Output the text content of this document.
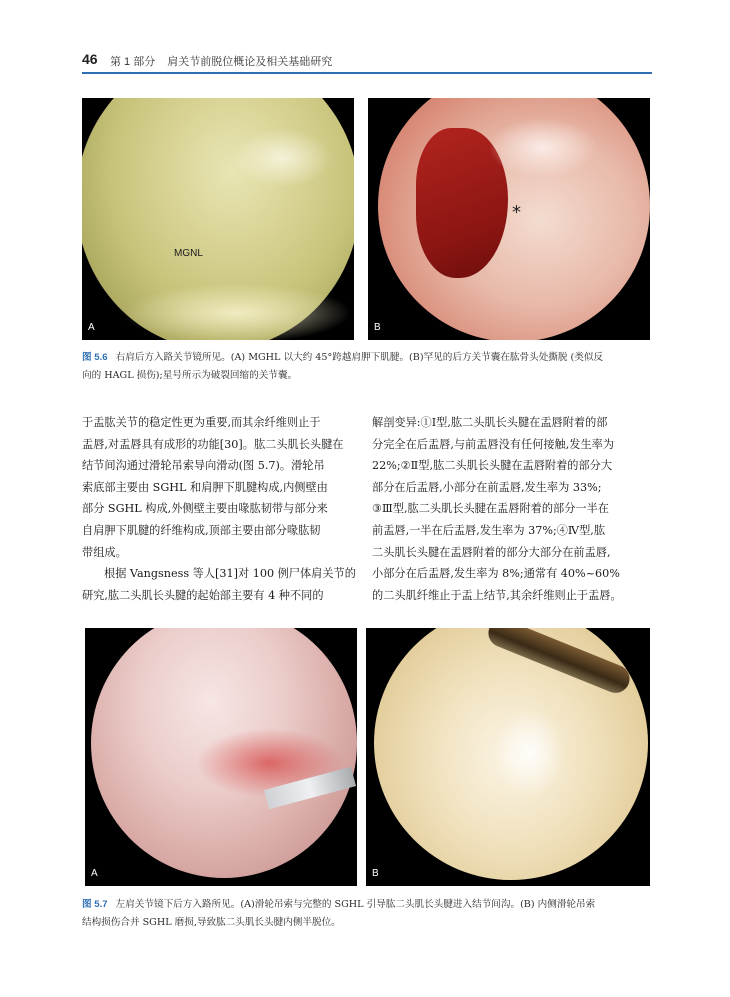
46 第 1 部分 肩关节前脱位概论及相关基础研究
MGNL
A
*
B
图 5.6 右肩后方入路关节镜所见。(A) MGHL 以大约 45°跨越肩胛下肌腱。(B)罕见的后方关节囊在肱骨头处撕脱 (类似反
向的 HAGL 损伤);星号所示为破裂回缩的关节囊。
于盂肱关节的稳定性更为重要,而其余纤维则止于
盂唇,对盂唇具有成形的功能[30]。肱二头肌长头腱在
结节间沟通过滑轮吊索导向滑动(图 5.7)。滑轮吊
索底部主要由 SGHL 和肩胛下肌腱构成,内侧壁由
部分 SGHL 构成,外侧壁主要由喙肱韧带与部分来
自肩胛下肌腱的纤维构成,顶部主要由部分喙肱韧
带组成。
根据 Vangsness 等人[31]对 100 例尸体肩关节的
研究,肱二头肌长头腱的起始部主要有 4 种不同的
解剖变异:①Ⅰ型,肱二头肌长头腱在盂唇附着的部
分完全在后盂唇,与前盂唇没有任何接触,发生率为
22%;②Ⅱ型,肱二头肌长头腱在盂唇附着的部分大
部分在后盂唇,小部分在前盂唇,发生率为 33%;
③Ⅲ型,肱二头肌长头腱在盂唇附着的部分一半在
前盂唇,一半在后盂唇,发生率为 37%;④Ⅳ型,肱
二头肌长头腱在盂唇附着的部分大部分在前盂唇,
小部分在后盂唇,发生率为 8%;通常有 40%~60%
的二头肌纤维止于盂上结节,其余纤维则止于盂唇。
A	B
图 5.7 左肩关节镜下后方入路所见。(A)滑轮吊索与完整的 SGHL 引导肱二头肌长头腱进入结节间沟。(B) 内侧滑轮吊索
结构损伤合并 SGHL 磨损,导致肱二头肌长头腱内侧半脱位。
